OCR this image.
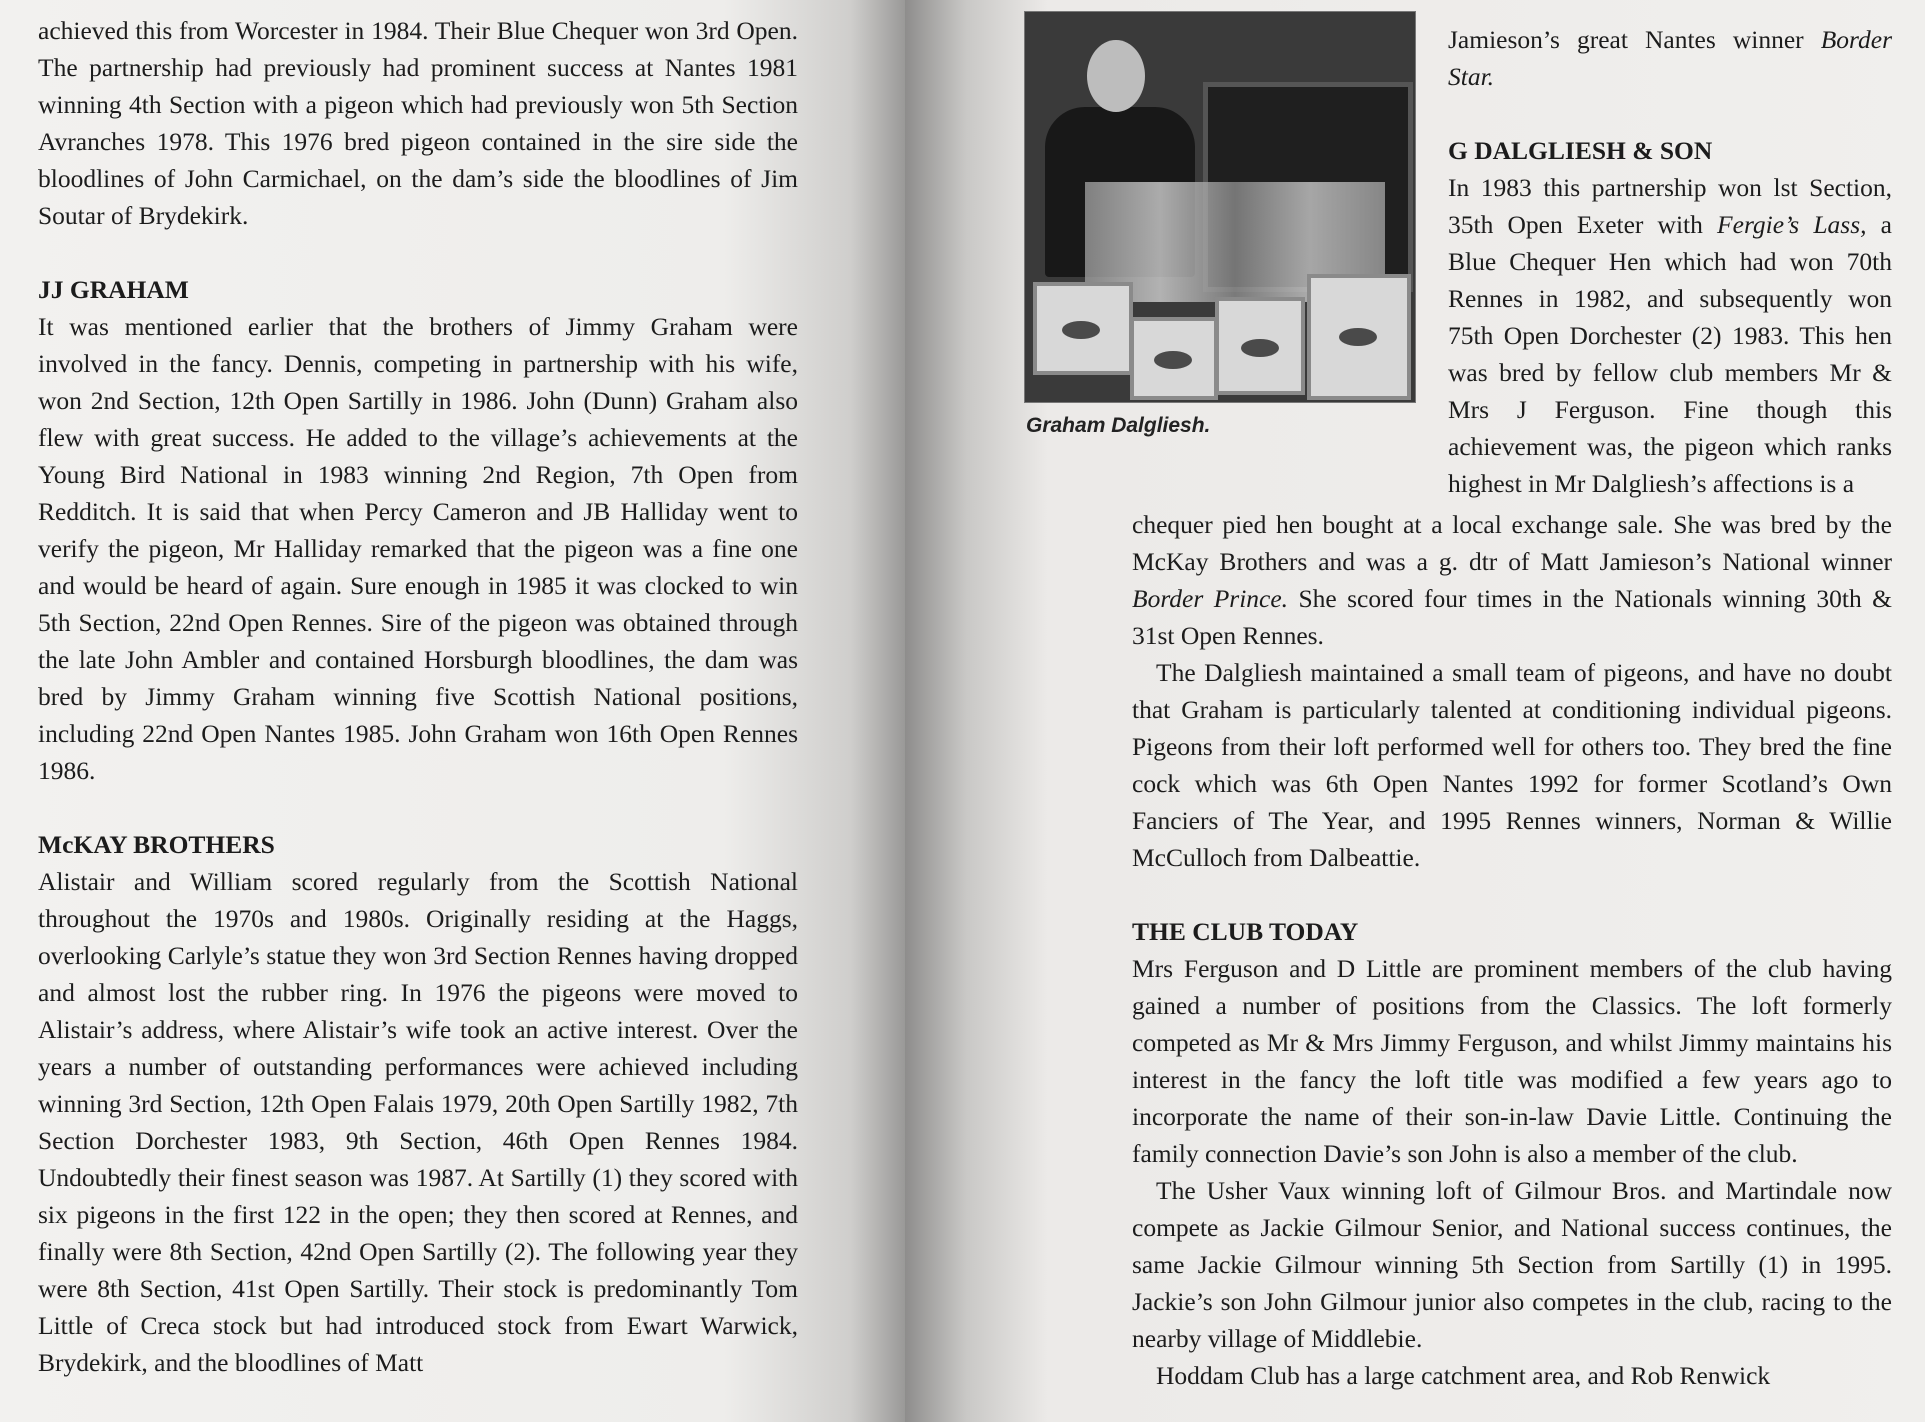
achieved this from Worcester in 1984. Their Blue Chequer won 3rd Open. The partnership had previously had prominent success at Nantes 1981 winning 4th Section with a pigeon which had previously won 5th Section Avranches 1978. This 1976 bred pigeon contained in the sire side the bloodlines of John Carmichael, on the dam’s side the bloodlines of Jim Soutar of Brydekirk.

JJ GRAHAM

It was mentioned earlier that the brothers of Jimmy Graham were involved in the fancy. Dennis, competing in partnership with his wife, won 2nd Section, 12th Open Sartilly in 1986. John (Dunn) Graham also flew with great success. He added to the village’s achievements at the Young Bird National in 1983 winning 2nd Region, 7th Open from Redditch. It is said that when Percy Cameron and JB Halliday went to verify the pigeon, Mr Halliday remarked that the pigeon was a fine one and would be heard of again. Sure enough in 1985 it was clocked to win 5th Section, 22nd Open Rennes. Sire of the pigeon was obtained through the late John Ambler and contained Horsburgh bloodlines, the dam was bred by Jimmy Graham winning five Scottish National positions, including 22nd Open Nantes 1985. John Graham won 16th Open Rennes 1986.

McKAY BROTHERS

Alistair and William scored regularly from the Scottish National throughout the 1970s and 1980s. Originally residing at the Haggs, overlooking Carlyle’s statue they won 3rd Section Rennes having dropped and almost lost the rubber ring. In 1976 the pigeons were moved to Alistair’s address, where Alistair’s wife took an active interest. Over the years a number of outstanding performances were achieved including winning 3rd Section, 12th Open Falais 1979, 20th Open Sartilly 1982, 7th Section Dorchester 1983, 9th Section, 46th Open Rennes 1984. Undoubtedly their finest season was 1987. At Sartilly (1) they scored with six pigeons in the first 122 in the open; they then scored at Rennes, and finally were 8th Section, 42nd Open Sartilly (2). The following year they were 8th Section, 41st Open Sartilly. Their stock is predominantly Tom Little of Creca stock but had introduced stock from Ewart Warwick, Brydekirk, and the bloodlines of Matt

Graham Dalgliesh.

Jamieson’s great Nantes winner Border Star.

G DALGLIESH & SON

In 1983 this partnership won lst Section, 35th Open Exeter with Fergie’s Lass, a Blue Chequer Hen which had won 70th Rennes in 1982, and subsequently won 75th Open Dorchester (2) 1983. This hen was bred by fellow club members Mr & Mrs J Ferguson. Fine though this achievement was, the pigeon which ranks highest in Mr Dalgliesh’s affections is a

chequer pied hen bought at a local exchange sale. She was bred by the McKay Brothers and was a g. dtr of Matt Jamieson’s National winner Border Prince. She scored four times in the Nationals winning 30th & 31st Open Rennes.

The Dalgliesh maintained a small team of pigeons, and have no doubt that Graham is particularly talented at conditioning individual pigeons. Pigeons from their loft performed well for others too. They bred the fine cock which was 6th Open Nantes 1992 for former Scotland’s Own Fanciers of The Year, and 1995 Rennes winners, Norman & Willie McCulloch from Dalbeattie.

THE CLUB TODAY

Mrs Ferguson and D Little are prominent members of the club having gained a number of positions from the Classics. The loft formerly competed as Mr & Mrs Jimmy Ferguson, and whilst Jimmy maintains his interest in the fancy the loft title was modified a few years ago to incorporate the name of their son-in-law Davie Little. Continuing the family connection Davie’s son John is also a member of the club.

The Usher Vaux winning loft of Gilmour Bros. and Martindale now compete as Jackie Gilmour Senior, and National success continues, the same Jackie Gilmour winning 5th Section from Sartilly (1) in 1995. Jackie’s son John Gilmour junior also competes in the club, racing to the nearby village of Middlebie.

Hoddam Club has a large catchment area, and Rob Renwick
